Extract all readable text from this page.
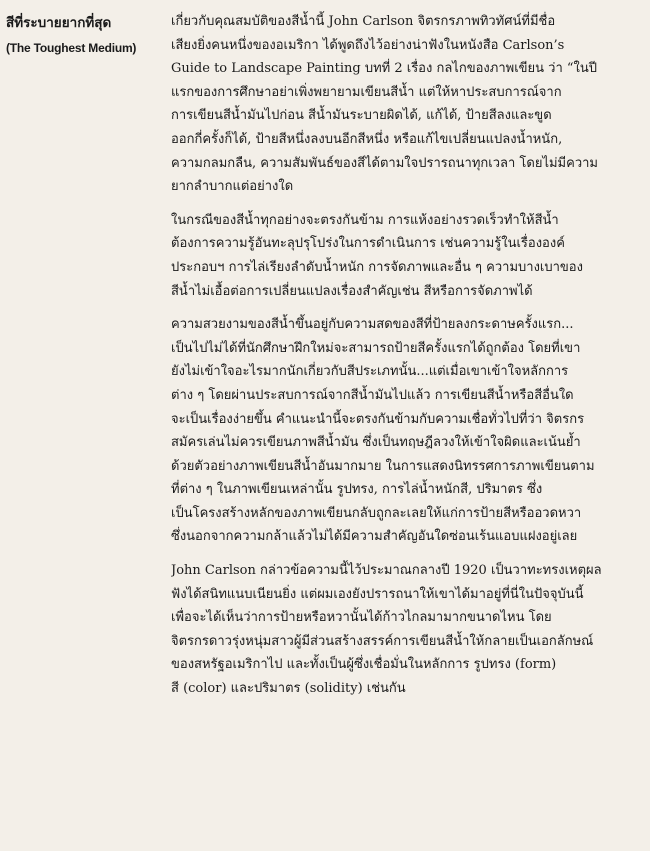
สีที่ระบายยากที่สุด

(The Toughest Medium)

เกี่ยวกับคุณสมบัติของสีน้ำนี้ John Carlson จิตรกรภาพทิวทัศน์ที่มีชื่อ
เสียงยิ่งคนหนึ่งของอเมริกา ได้พูดถึงไว้อย่างน่าฟังในหนังสือ Carlson’s
Guide to Landscape Painting บทที่ 2 เรื่อง กลไกของภาพเขียน ว่า “ในปี
แรกของการศึกษาอย่าเพิ่งพยายามเขียนสีน้ำ แต่ให้หาประสบการณ์จาก
การเขียนสีน้ำมันไปก่อน สีน้ำมันระบายผิดได้, แก้ได้, ป้ายสีลงและขูด
ออกกี่ครั้งก็ได้, ป้ายสีหนึ่งลงบนอีกสีหนึ่ง หรือแก้ไขเปลี่ยนแปลงน้ำหนัก,
ความกลมกลืน, ความสัมพันธ์ของสีได้ตามใจปรารถนาทุกเวลา โดยไม่มีความ
ยากลำบากแต่อย่างใด

ในกรณีของสีน้ำทุกอย่างจะตรงกันข้าม การแห้งอย่างรวดเร็วทำให้สีน้ำ
ต้องการความรู้อันทะลุปรุโปร่งในการดำเนินการ เช่นความรู้ในเรื่ององค์
ประกอบฯ การไล่เรียงลำดับน้ำหนัก การจัดภาพและอื่น ๆ ความบางเบาของ
สีน้ำไม่เอื้อต่อการเปลี่ยนแปลงเรื่องสำคัญเช่น สีหรือการจัดภาพได้

ความสวยงามของสีน้ำขึ้นอยู่กับความสดของสีที่ป้ายลงกระดาษครั้งแรก...
เป็นไปไม่ได้ที่นักศึกษาฝึกใหม่จะสามารถป้ายสีครั้งแรกได้ถูกต้อง โดยที่เขา
ยังไม่เข้าใจอะไรมากนักเกี่ยวกับสีประเภทนั้น...แต่เมื่อเขาเข้าใจหลักการ
ต่าง ๆ โดยผ่านประสบการณ์จากสีน้ำมันไปแล้ว การเขียนสีน้ำหรือสีอื่นใด
จะเป็นเรื่องง่ายขึ้น คำแนะนำนี้จะตรงกันข้ามกับความเชื่อทั่วไปที่ว่า จิตรกร
สมัครเล่นไม่ควรเขียนภาพสีน้ำมัน ซึ่งเป็นทฤษฎีลวงให้เข้าใจผิดและเน้นย้ำ
ด้วยตัวอย่างภาพเขียนสีน้ำอันมากมาย ในการแสดงนิทรรศการภาพเขียนตาม
ที่ต่าง ๆ ในภาพเขียนเหล่านั้น รูปทรง, การไล่น้ำหนักสี, ปริมาตร ซึ่ง
เป็นโครงสร้างหลักของภาพเขียนกลับถูกละเลยให้แก่การป้ายสีหรืออวดหวา
ซึ่งนอกจากความกล้าแล้วไม่ได้มีความสำคัญอันใดซ่อนเร้นแอบแฝงอยู่เลย

John Carlson กล่าวข้อความนี้ไว้ประมาณกลางปี 1920 เป็นวาทะทรงเหตุผล
ฟังได้สนิทแนบเนียนยิ่ง แต่ผมเองยังปรารถนาให้เขาได้มาอยู่ที่นี่ในปัจจุบันนี้
เพื่อจะได้เห็นว่าการป้ายหรือหวานั้นได้ก้าวไกลมามากขนาดไหน โดย
จิตรกรดาวรุ่งหนุ่มสาวผู้มีส่วนสร้างสรรค์การเขียนสีน้ำให้กลายเป็นเอกลักษณ์
ของสหรัฐอเมริกาไป และทั้งเป็นผู้ซึ่งเชื่อมั่นในหลักการ รูปทรง (form)
สี (color) และปริมาตร (solidity) เช่นกัน
